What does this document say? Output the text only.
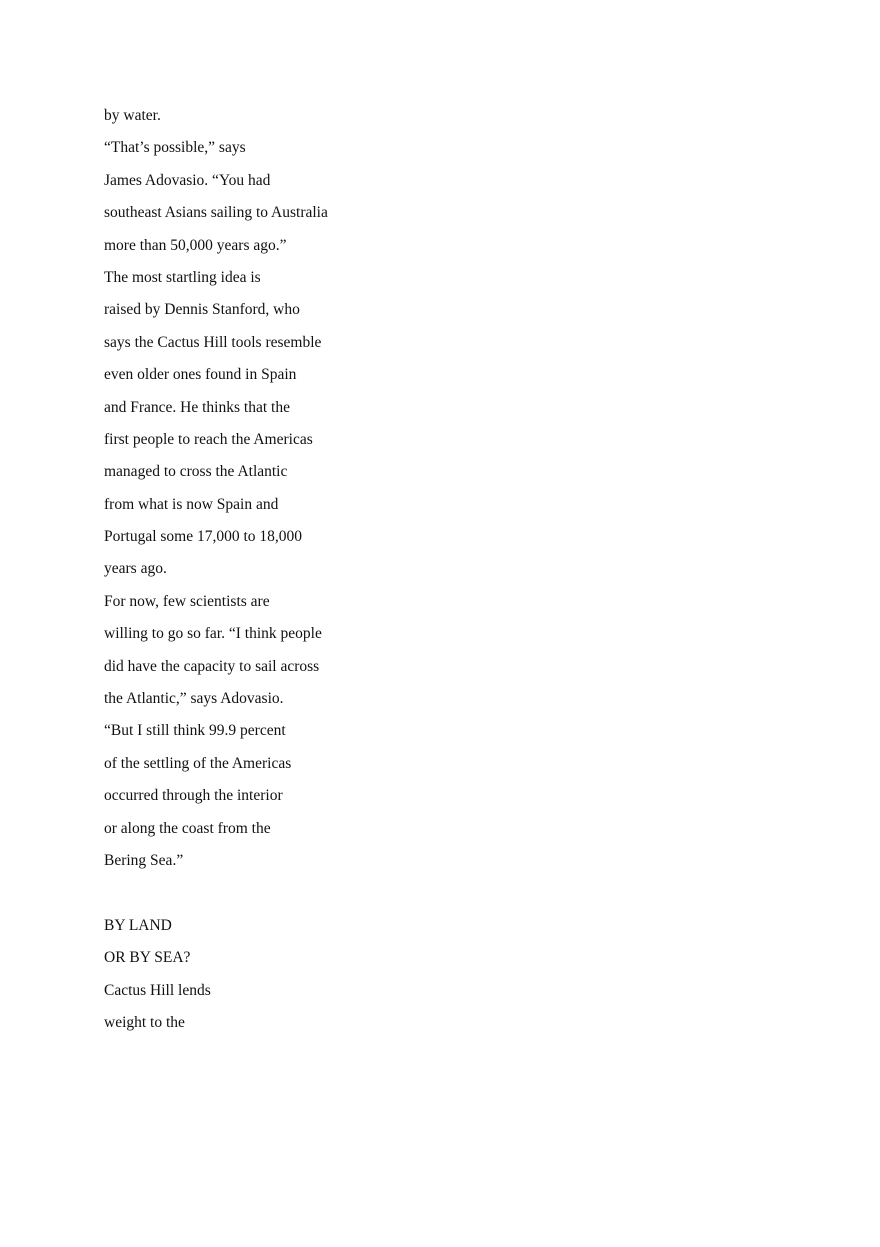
by water.
“That’s possible,” says
James Adovasio. “You had
southeast Asians sailing to Australia
more than 50,000 years ago.”
The most startling idea is
raised by Dennis Stanford, who
says the Cactus Hill tools resemble
even older ones found in Spain
and France. He thinks that the
first people to reach the Americas
managed to cross the Atlantic
from what is now Spain and
Portugal some 17,000 to 18,000
years ago.
For now, few scientists are
willing to go so far. “I think people
did have the capacity to sail across
the Atlantic,” says Adovasio.
“But I still think 99.9 percent
of the settling of the Americas
occurred through the interior
or along the coast from the
Bering Sea.”
BY LAND
OR BY SEA?
Cactus Hill lends
weight to the
